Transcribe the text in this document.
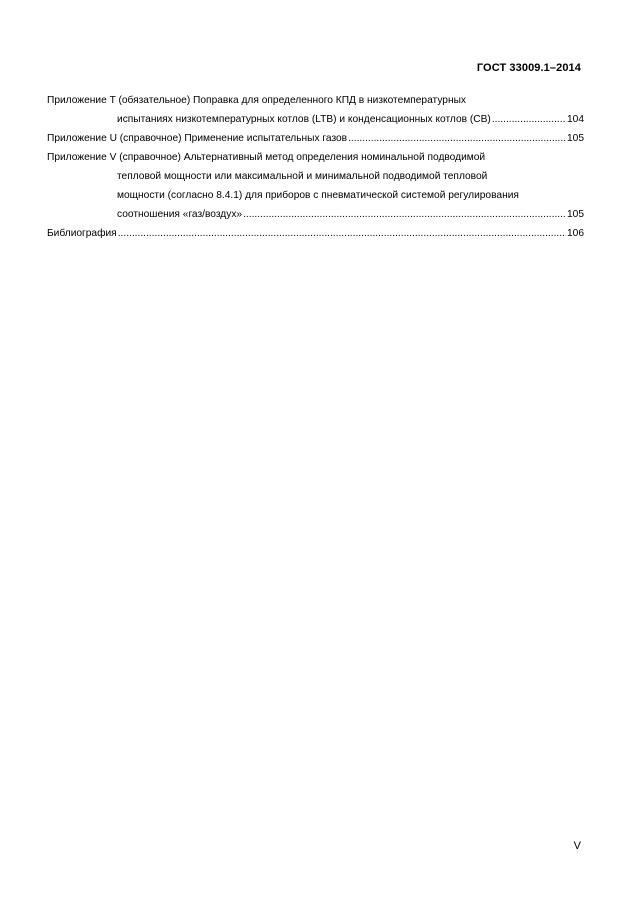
ГОСТ 33009.1–2014
Приложение T (обязательное) Поправка для определенного КПД в низкотемпературных
испытаниях низкотемпературных котлов (LTB) и конденсационных котлов (CB) .....	104
Приложение U (справочное) Применение испытательных газов .....	105
Приложение V (справочное) Альтернативный метод определения номинальной подводимой
тепловой мощности или максимальной и минимальной подводимой тепловой
мощности (согласно 8.4.1) для приборов с пневматической системой регулирования
соотношения «газ/воздух» .....	105
Библиография .....	106
V
